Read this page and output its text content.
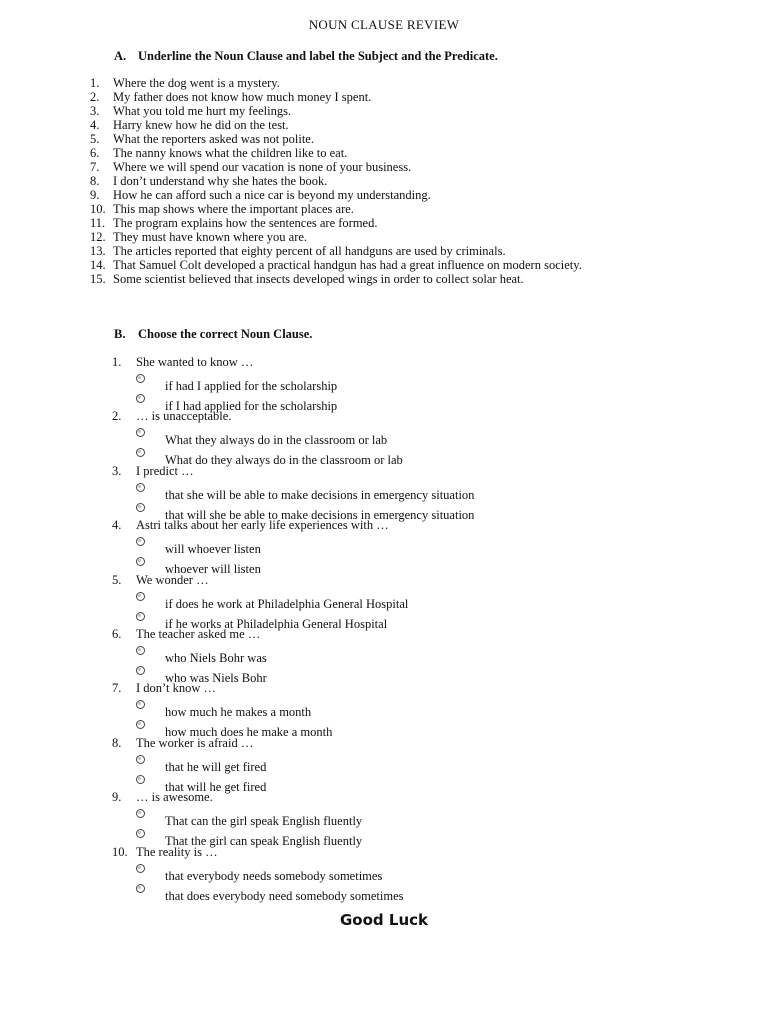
NOUN CLAUSE REVIEW
A. Underline the Noun Clause and label the Subject and the Predicate.
1.	Where the dog went is a mystery.
2.	My father does not know how much money I spent.
3.	What you told me hurt my feelings.
4.	Harry knew how he did on the test.
5.	What the reporters asked was not polite.
6.	The nanny knows what the children like to eat.
7.	Where we will spend our vacation is none of your business.
8.	I don’t understand why she hates the book.
9.	How he can afford such a nice car is beyond my understanding.
10. This map shows where the important places are.
11. The program explains how the sentences are formed.
12. They must have known where you are.
13. The articles reported that eighty percent of all handguns are used by criminals.
14. That Samuel Colt developed a practical handgun has had a great influence on modern society.
15. Some scientist believed that insects developed wings in order to collect solar heat.
B. Choose the correct Noun Clause.
1.	She wanted to know …
if had I applied for the scholarship
if I had applied for the scholarship
2.	… is unacceptable.
What they always do in the classroom or lab
What do they always do in the classroom or lab
3.	I predict …
that she will be able to make decisions in emergency situation
that will she be able to make decisions in emergency situation
4.	Astri talks about her early life experiences with …
will whoever listen
whoever will listen
5.	We wonder …
if does he work at Philadelphia General Hospital
if he works at Philadelphia General Hospital
6.	The teacher asked me …
who Niels Bohr was
who was Niels Bohr
7.	I don’t know …
how much he makes a month
how much does he make a month
8.	The worker is afraid …
that he will get fired
that will he get fired
9.	… is awesome.
That can the girl speak English fluently
That the girl can speak English fluently
10. The reality is …
that everybody needs somebody sometimes
that does everybody need somebody sometimes
Good Luck
